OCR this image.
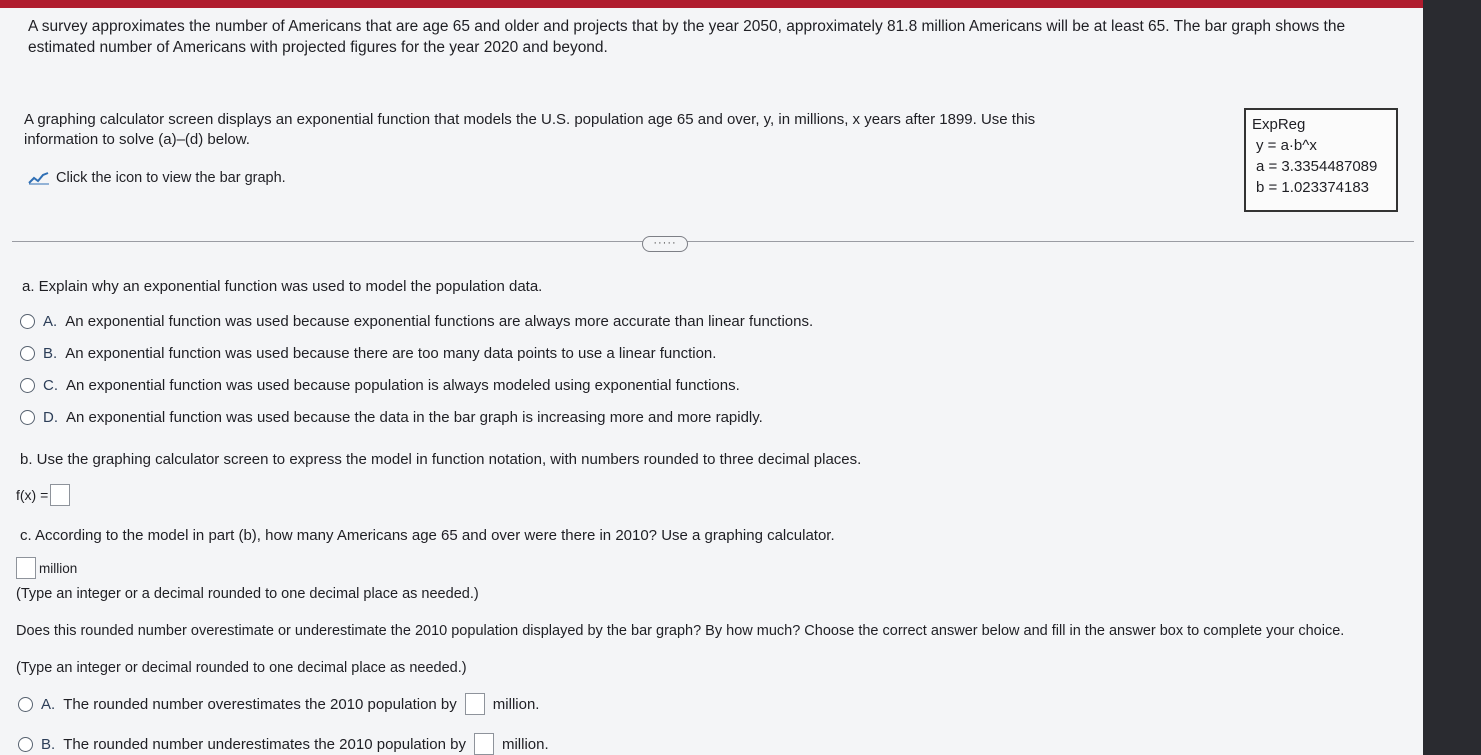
A survey approximates the number of Americans that are age 65 and older and projects that by the year 2050, approximately 81.8 million Americans will be at least 65. The bar graph shows the estimated number of Americans with projected figures for the year 2020 and beyond.
A graphing calculator screen displays an exponential function that models the U.S. population age 65 and over, y, in millions, x years after 1899. Use this information to solve (a)–(d) below.
Click the icon to view the bar graph.
ExpReg
y = a·b^x
a = 3.3354487089
b = 1.023374183
·····
a. Explain why an exponential function was used to model the population data.
A. An exponential function was used because exponential functions are always more accurate than linear functions.
B. An exponential function was used because there are too many data points to use a linear function.
C. An exponential function was used because population is always modeled using exponential functions.
D. An exponential function was used because the data in the bar graph is increasing more and more rapidly.
b. Use the graphing calculator screen to express the model in function notation, with numbers rounded to three decimal places.
f(x) =
c. According to the model in part (b), how many Americans age 65 and over were there in 2010? Use a graphing calculator.
million
(Type an integer or a decimal rounded to one decimal place as needed.)
Does this rounded number overestimate or underestimate the 2010 population displayed by the bar graph? By how much? Choose the correct answer below and fill in the answer box to complete your choice.
(Type an integer or decimal rounded to one decimal place as needed.)
A. The rounded number overestimates the 2010 population by million.
B. The rounded number underestimates the 2010 population by million.
